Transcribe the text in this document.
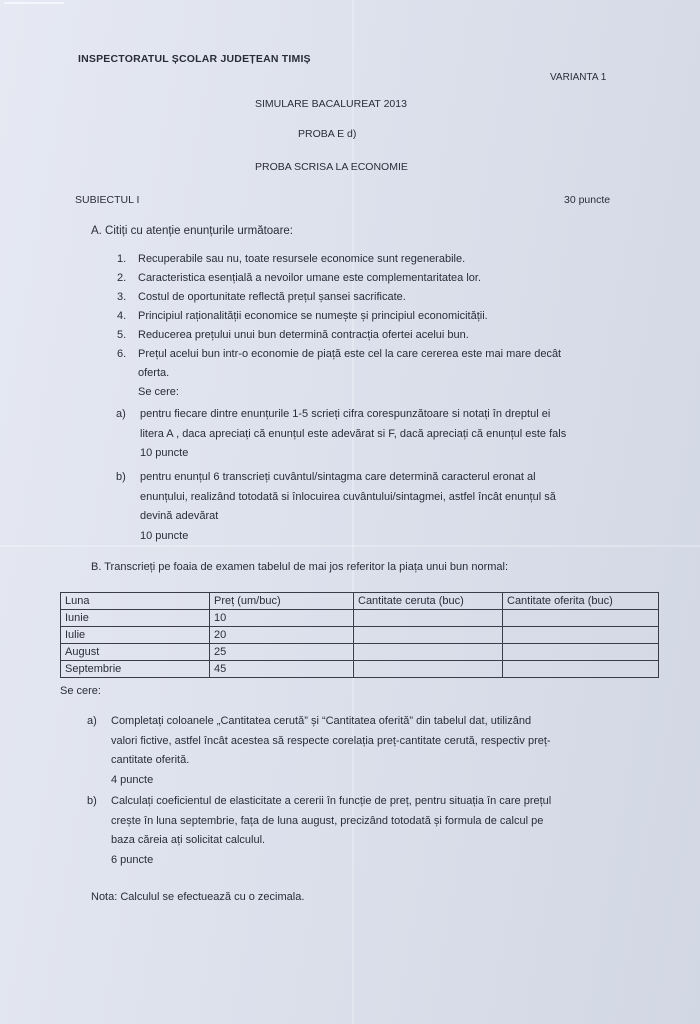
INSPECTORATUL ȘCOLAR JUDEȚEAN TIMIȘ
VARIANTA 1
SIMULARE BACALUREAT 2013
PROBA E d)
PROBA SCRISA LA ECONOMIE
SUBIECTUL I	30 puncte
A. Citiți cu atenție enunțurile următoare:
1. Recuperabile sau nu, toate resursele economice sunt regenerabile.
2. Caracteristica esențială a nevoilor umane este complementaritatea lor.
3. Costul de oportunitate reflectă prețul șansei sacrificate.
4. Principiul raționalității economice se numește și principiul economicității.
5. Reducerea prețului unui bun determină contracția ofertei acelui bun.
6. Prețul acelui bun intr-o economie de piață este cel la care cererea este mai mare decât
oferta.
Se cere:
a) pentru fiecare dintre enunțurile 1-5 scrieți cifra corespunzătoare si notați în dreptul ei
litera A , daca apreciați că enunțul este adevărat si F, dacă apreciați că enunțul este fals
10 puncte
b) pentru enunțul 6 transcrieți cuvântul/sintagma care determină caracterul eronat al
enunțului, realizând totodată si înlocuirea cuvântului/sintagmei, astfel încât enunțul să
devină adevărat
10 puncte
B. Transcrieți pe foaia de examen tabelul de mai jos referitor la piața unui bun normal:
Luna	Preț (um/buc)	Cantitate ceruta (buc)	Cantitate oferita (buc)
Iunie	10		
Iulie	20		
August	25		
Septembrie	45		
Se cere:
a) Completați coloanele „Cantitatea cerută” și “Cantitatea oferită” din tabelul dat, utilizând
valori fictive, astfel încât acestea să respecte corelația preț-cantitate cerută, respectiv preț-
cantitate oferită.
4 puncte
b) Calculați coeficientul de elasticitate a cererii în funcție de preț, pentru situația în care prețul
crește în luna septembrie, fața de luna august, precizând totodată și formula de calcul pe
baza căreia ați solicitat calculul.
6 puncte
Nota: Calculul se efectuează cu o zecimala.
